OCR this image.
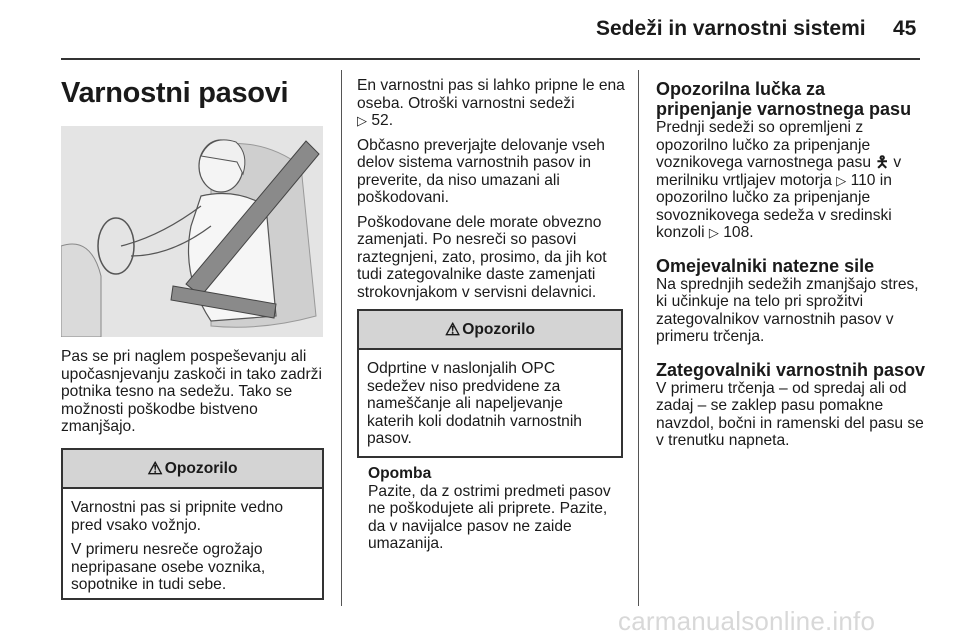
Sedeži in varnostni sistemi 45
Varnostni pasovi

Pas se pri naglem pospeševanju ali upočasnjevanju zaskoči in tako zadrži potnika tesno na sedežu. Tako se možnosti poškodbe bistveno zmanjšajo.

⚠ Opozorilo

Varnostni pas si pripnite vedno pred vsako vožnjo.

V primeru nesreče ogrožajo nepripasane osebe voznika, sopotnike in tudi sebe.

En varnostni pas si lahko pripne le ena oseba. Otroški varnostni sedeži
▷ 52.

Občasno preverjajte delovanje vseh delov sistema varnostnih pasov in preverite, da niso umazani ali poškodovani.

Poškodovane dele morate obvezno zamenjati. Po nesreči so pasovi raztegnjeni, zato, prosimo, da jih kot tudi zategovalnike daste zamenjati strokovnjakom v servisni delavnici.

⚠ Opozorilo

Odprtine v naslonjalih OPC sedežev niso predvidene za nameščanje ali napeljevanje katerih koli dodatnih varnostnih pasov.

Opomba
Pazite, da z ostrimi predmeti pasov ne poškodujete ali priprete. Pazite, da v navijalce pasov ne zaide umazanija.
Opozorilna lučka za pripenjanje varnostnega pasu
Prednji sedeži so opremljeni z opozorilno lučko za pripenjanje voznikovega varnostnega pasu 🯅 v merilniku vrtljajev motorja ▷ 110 in opozorilno lučko za pripenjanje sovoznikovega sedeža v sredinski konzoli ▷ 108.
Omejevalniki natezne sile
Na sprednjih sedežih zmanjšajo stres, ki učinkuje na telo pri sprožitvi zategovalnikov varnostnih pasov v primeru trčenja.
Zategovalniki varnostnih pasov
V primeru trčenja – od spredaj ali od zadaj – se zaklep pasu pomakne navzdol, bočni in ramenski del pasu se v trenutku napneta.
carmanualsonline.info
